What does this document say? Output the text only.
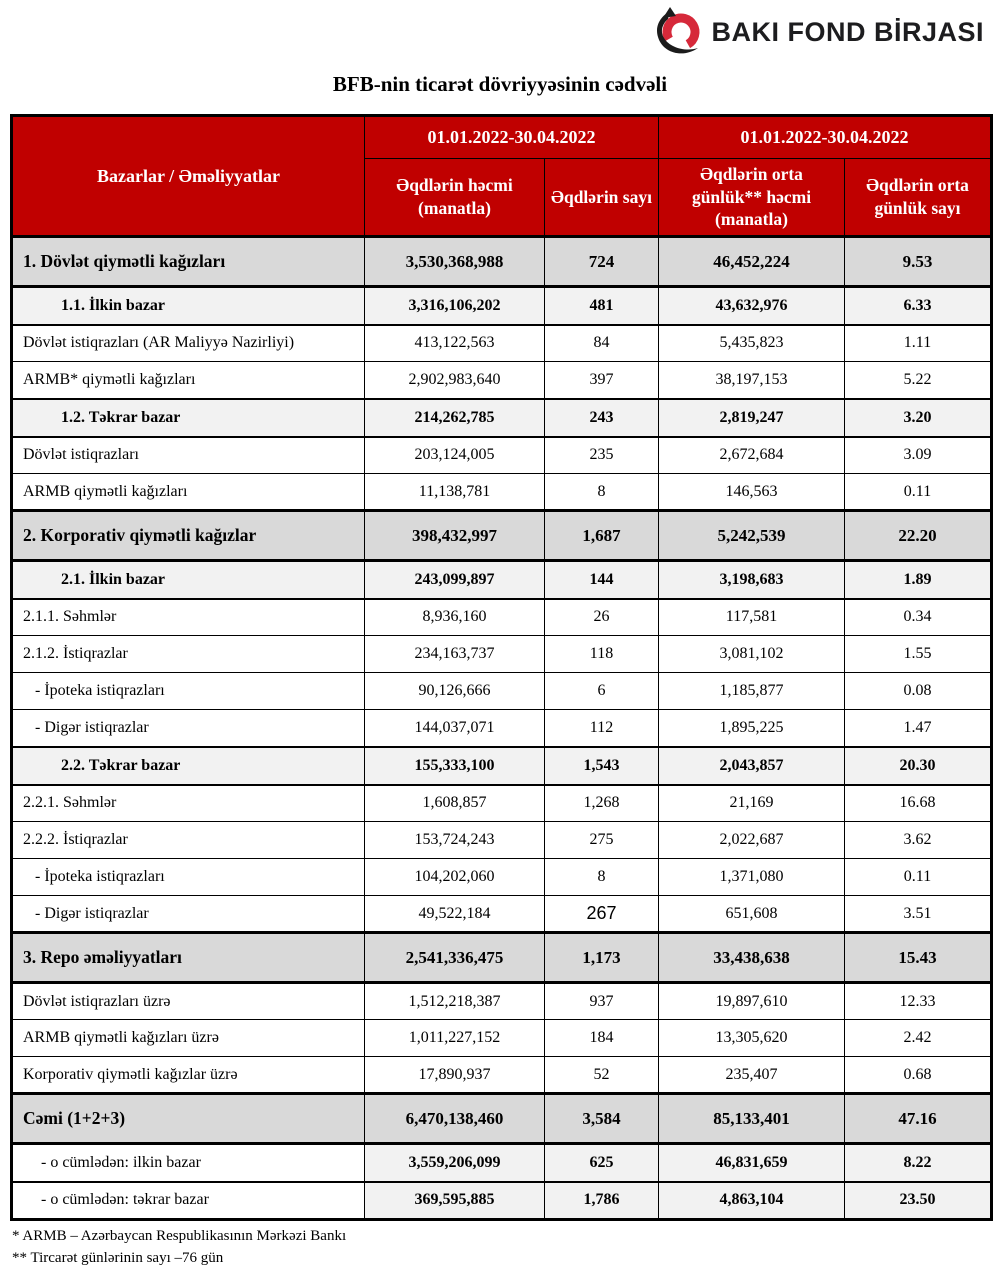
BAKI FOND BİRJASI
BFB-nin ticarət dövriyyəsinin cədvəli
Bazarlar / Əməliyyatlar	01.01.2022-30.04.2022		01.01.2022-30.04.2022	
	Əqdlərin həcmi (manatla)	Əqdlərin sayı	Əqdlərin orta günlük** həcmi (manatla)	Əqdlərin orta günlük sayı
1. Dövlət qiymətli kağızları	3,530,368,988	724	46,452,224	9.53
1.1. İlkin bazar	3,316,106,202	481	43,632,976	6.33
Dövlət istiqrazları (AR Maliyyə Nazirliyi)	413,122,563	84	5,435,823	1.11
ARMB* qiymətli kağızları	2,902,983,640	397	38,197,153	5.22
1.2. Təkrar bazar	214,262,785	243	2,819,247	3.20
Dövlət istiqrazları	203,124,005	235	2,672,684	3.09
ARMB qiymətli kağızları	11,138,781	8	146,563	0.11
2. Korporativ qiymətli kağızlar	398,432,997	1,687	5,242,539	22.20
2.1. İlkin bazar	243,099,897	144	3,198,683	1.89
2.1.1. Səhmlər	8,936,160	26	117,581	0.34
2.1.2. İstiqrazlar	234,163,737	118	3,081,102	1.55
- İpoteka istiqrazları	90,126,666	6	1,185,877	0.08
- Digər istiqrazlar	144,037,071	112	1,895,225	1.47
2.2. Təkrar bazar	155,333,100	1,543	2,043,857	20.30
2.2.1. Səhmlər	1,608,857	1,268	21,169	16.68
2.2.2. İstiqrazlar	153,724,243	275	2,022,687	3.62
- İpoteka istiqrazları	104,202,060	8	1,371,080	0.11
- Digər istiqrazlar	49,522,184	267	651,608	3.51
3. Repo əməliyyatları	2,541,336,475	1,173	33,438,638	15.43
Dövlət istiqrazları üzrə	1,512,218,387	937	19,897,610	12.33
ARMB qiymətli kağızları üzrə	1,011,227,152	184	13,305,620	2.42
Korporativ qiymətli kağızlar üzrə	17,890,937	52	235,407	0.68
Cəmi (1+2+3)	6,470,138,460	3,584	85,133,401	47.16
- o cümlədən: ilkin bazar	3,559,206,099	625	46,831,659	8.22
- o cümlədən: təkrar bazar	369,595,885	1,786	4,863,104	23.50
* ARMB – Azərbaycan Respublikasının Mərkəzi Bankı
** Tircarət günlərinin sayı –76 gün
